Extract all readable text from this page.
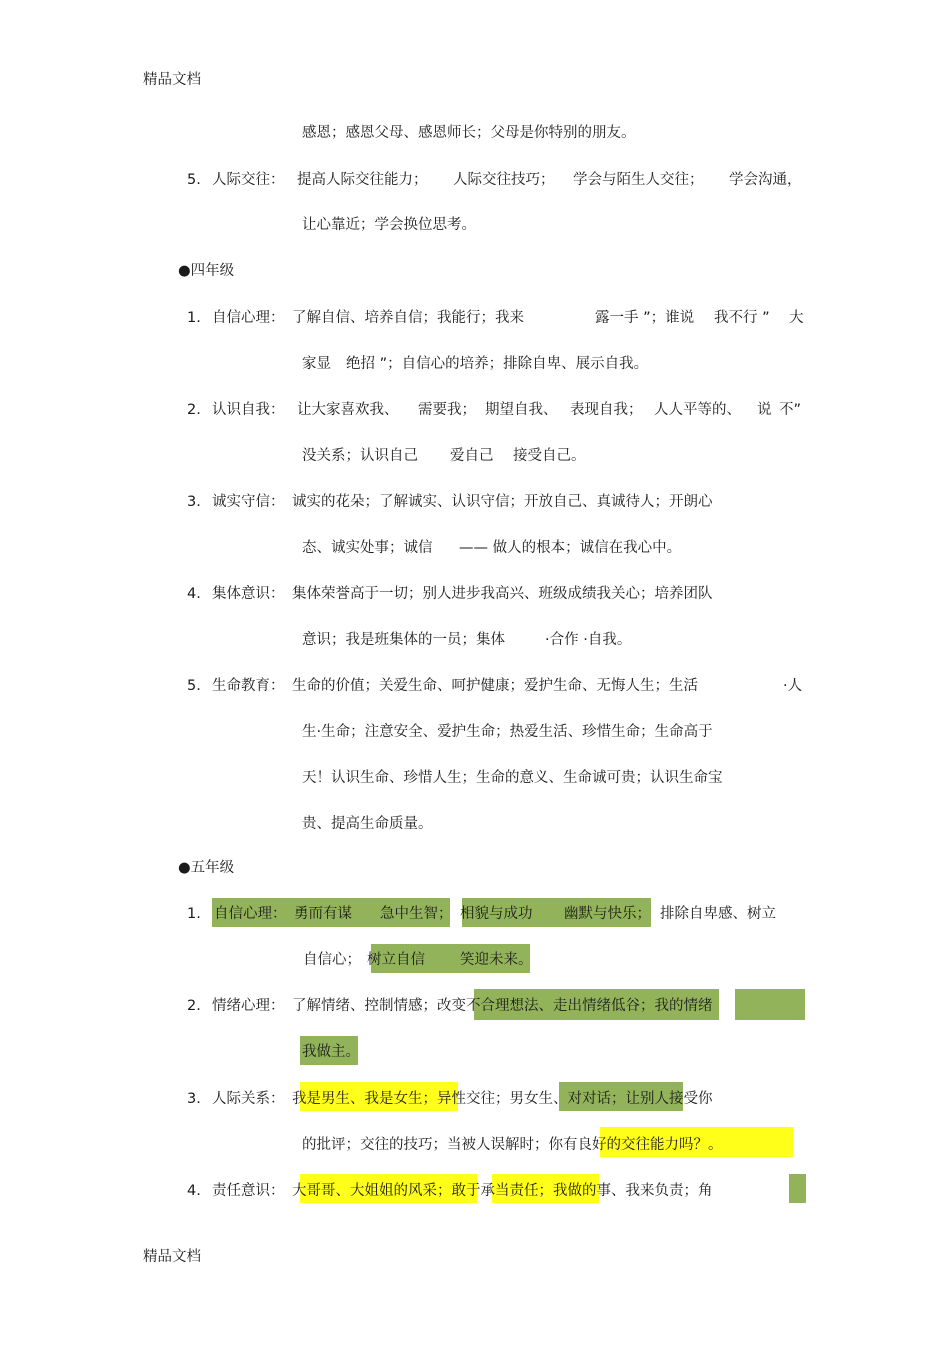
精品文档
精品文档
感恩；感恩父母、感恩师长；父母是你特别的朋友。
5. 人际交往： 提高人际交往能力； 人际交往技巧； 学会与陌生人交往； 学会沟通，
让心靠近；学会换位思考。
●四年级
1. 自信心理： 了解自信、培养自信；我能行；我来	露一手 ”；谁说 我不行 ” 大
家显 绝招 ”；自信心的培养；排除自卑、展示自我。
2. 认识自我： 让大家喜欢我、 需要我； 期望自我、 表现自我； 人人平等的、 说 不”
没关系；认识自己 爱自己 接受自己。
3. 诚实守信： 诚实的花朵；了解诚实、认识守信；开放自己、真诚待人；开朗心
态、诚实处事；诚信 —— 做人的根本；诚信在我心中。
4. 集体意识： 集体荣誉高于一切；别人进步我高兴、班级成绩我关心；培养团队
意识；我是班集体的一员；集体	·合作 ·自我。
5. 生命教育： 生命的价值；关爱生命、呵护健康；爱护生命、无悔人生；生活	·人
生·生命；注意安全、爱护生命；热爱生活、珍惜生命；生命高于
天！认识生命、珍惜人生；生命的意义、生命诚可贵；认识生命宝
贵、提高生命质量。
●五年级
1. 自信心理： 勇而有谋 急中生智； 相貌与成功 幽默与快乐； 排除自卑感、树立
自信心； 树立自信 笑迎未来。
2. 情绪心理： 了解情绪、控制情感；改变不合理想法、走出情绪低谷；我的情绪
我做主。
3. 人际关系： 我是男生、我是女生；异性交往；男女生、对对话；让别人接受你
的批评；交往的技巧；当被人误解时；你有良好的交往能力吗？。
4. 责任意识： 大哥哥、大姐姐的风采；敢于承当责任；我做的事、我来负责；角
